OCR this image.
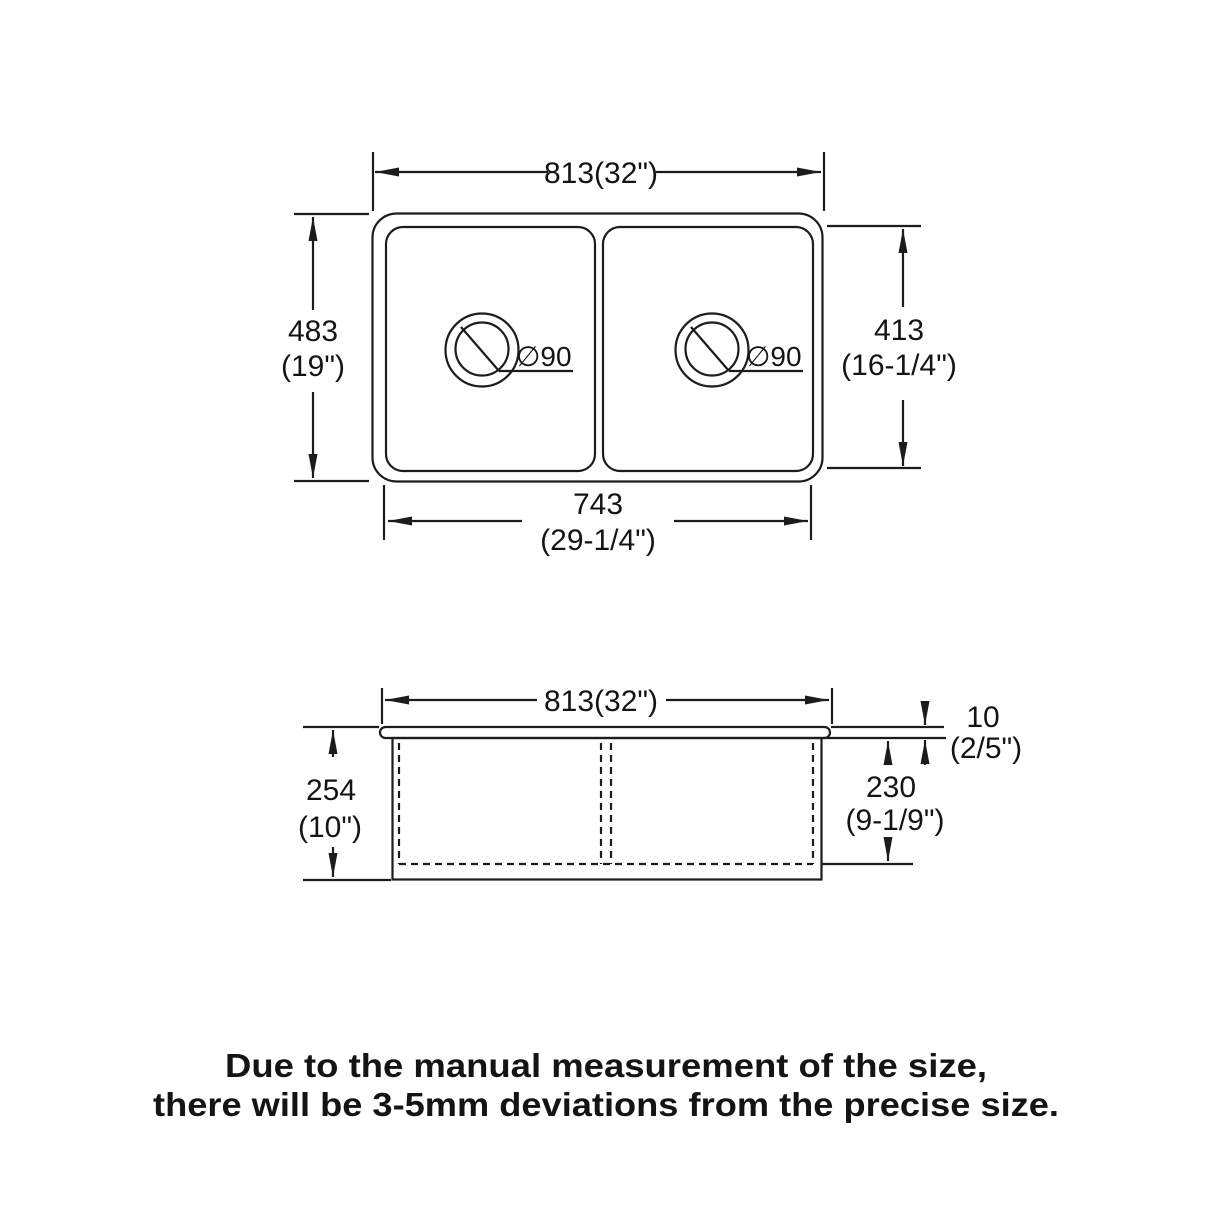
∅90	∅90
813(32")
483
(19")
413
(16-1/4")
743
(29-1/4")
813(32")
254
(10")
10
(2/5")
230
(9-1/9")
Due to the manual measurement of the size,
there will be 3-5mm deviations from the precise size.
